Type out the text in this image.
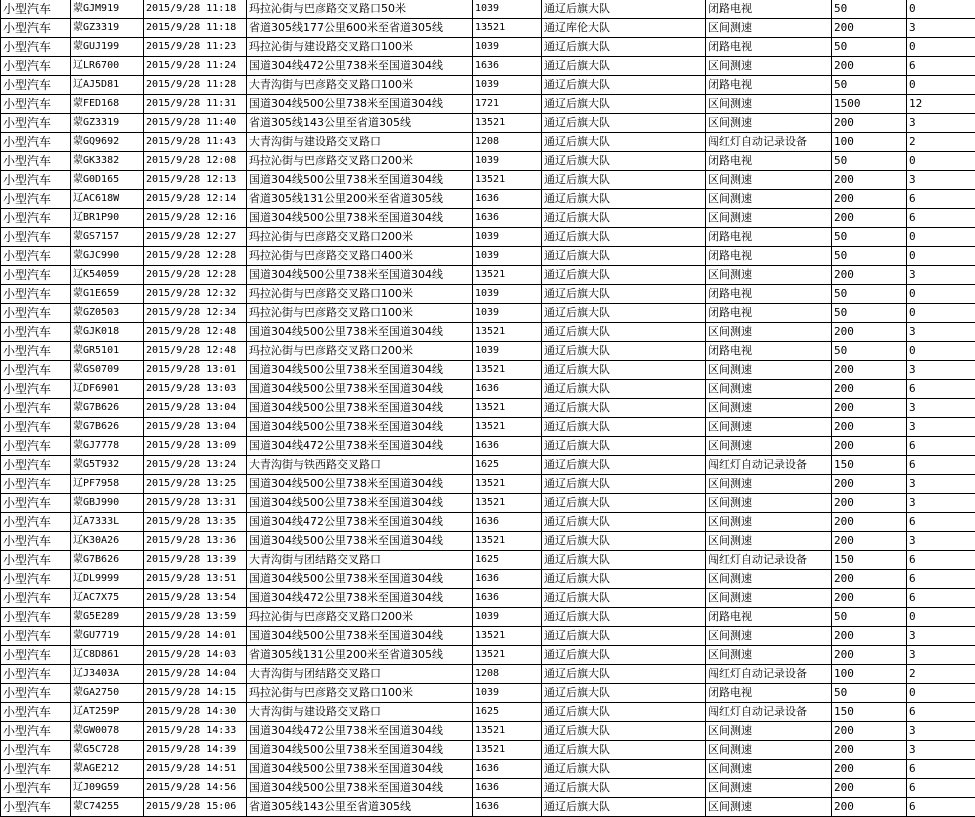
小型汽车	蒙GJM919	2015/9/28 11:18	玛拉沁街与巴彦路交叉路口50米	1039	通辽后旗大队	闭路电视	50	0
小型汽车	蒙GZ3319	2015/9/28 11:18	省道305线177公里600米至省道305线	13521	通辽库伦大队	区间测速	200	3
小型汽车	蒙GUJ199	2015/9/28 11:23	玛拉沁街与建设路交叉路口100米	1039	通辽后旗大队	闭路电视	50	0
小型汽车	辽LR6700	2015/9/28 11:24	国道304线472公里738米至国道304线	1636	通辽后旗大队	区间测速	200	6
小型汽车	辽AJ5D81	2015/9/28 11:28	大青沟街与巴彦路交叉路口100米	1039	通辽后旗大队	闭路电视	50	0
小型汽车	蒙FED168	2015/9/28 11:31	国道304线500公里738米至国道304线	1721	通辽后旗大队	区间测速	1500	12
小型汽车	蒙GZ3319	2015/9/28 11:40	省道305线143公里至省道305线	13521	通辽后旗大队	区间测速	200	3
小型汽车	蒙GQ9692	2015/9/28 11:43	大青沟街与建设路交叉路口	1208	通辽后旗大队	闯红灯自动记录设备	100	2
小型汽车	蒙GK3382	2015/9/28 12:08	玛拉沁街与巴彦路交叉路口200米	1039	通辽后旗大队	闭路电视	50	0
小型汽车	蒙G0D165	2015/9/28 12:13	国道304线500公里738米至国道304线	13521	通辽后旗大队	区间测速	200	3
小型汽车	辽AC618W	2015/9/28 12:14	省道305线131公里200米至省道305线	1636	通辽后旗大队	区间测速	200	6
小型汽车	辽BR1P90	2015/9/28 12:16	国道304线500公里738米至国道304线	1636	通辽后旗大队	区间测速	200	6
小型汽车	蒙GS7157	2015/9/28 12:27	玛拉沁街与巴彦路交叉路口200米	1039	通辽后旗大队	闭路电视	50	0
小型汽车	蒙GJC990	2015/9/28 12:28	玛拉沁街与巴彦路交叉路口400米	1039	通辽后旗大队	闭路电视	50	0
小型汽车	辽K54059	2015/9/28 12:28	国道304线500公里738米至国道304线	13521	通辽后旗大队	区间测速	200	3
小型汽车	蒙G1E659	2015/9/28 12:32	玛拉沁街与巴彦路交叉路口100米	1039	通辽后旗大队	闭路电视	50	0
小型汽车	蒙GZ0503	2015/9/28 12:34	玛拉沁街与巴彦路交叉路口100米	1039	通辽后旗大队	闭路电视	50	0
小型汽车	蒙GJK018	2015/9/28 12:48	国道304线500公里738米至国道304线	13521	通辽后旗大队	区间测速	200	3
小型汽车	蒙GR5101	2015/9/28 12:48	玛拉沁街与巴彦路交叉路口200米	1039	通辽后旗大队	闭路电视	50	0
小型汽车	蒙GS0709	2015/9/28 13:01	国道304线500公里738米至国道304线	13521	通辽后旗大队	区间测速	200	3
小型汽车	辽DF6901	2015/9/28 13:03	国道304线500公里738米至国道304线	1636	通辽后旗大队	区间测速	200	6
小型汽车	蒙G7B626	2015/9/28 13:04	国道304线500公里738米至国道304线	13521	通辽后旗大队	区间测速	200	3
小型汽车	蒙G7B626	2015/9/28 13:04	国道304线500公里738米至国道304线	13521	通辽后旗大队	区间测速	200	3
小型汽车	蒙GJ7778	2015/9/28 13:09	国道304线472公里738米至国道304线	1636	通辽后旗大队	区间测速	200	6
小型汽车	蒙G5T932	2015/9/28 13:24	大青沟街与铁西路交叉路口	1625	通辽后旗大队	闯红灯自动记录设备	150	6
小型汽车	辽PF7958	2015/9/28 13:25	国道304线500公里738米至国道304线	13521	通辽后旗大队	区间测速	200	3
小型汽车	蒙GBJ990	2015/9/28 13:31	国道304线500公里738米至国道304线	13521	通辽后旗大队	区间测速	200	3
小型汽车	辽A7333L	2015/9/28 13:35	国道304线472公里738米至国道304线	1636	通辽后旗大队	区间测速	200	6
小型汽车	辽K30A26	2015/9/28 13:36	国道304线500公里738米至国道304线	13521	通辽后旗大队	区间测速	200	3
小型汽车	蒙G7B626	2015/9/28 13:39	大青沟街与团结路交叉路口	1625	通辽后旗大队	闯红灯自动记录设备	150	6
小型汽车	辽DL9999	2015/9/28 13:51	国道304线500公里738米至国道304线	1636	通辽后旗大队	区间测速	200	6
小型汽车	辽AC7X75	2015/9/28 13:54	国道304线472公里738米至国道304线	1636	通辽后旗大队	区间测速	200	6
小型汽车	蒙G5E289	2015/9/28 13:59	玛拉沁街与巴彦路交叉路口200米	1039	通辽后旗大队	闭路电视	50	0
小型汽车	蒙GU7719	2015/9/28 14:01	国道304线500公里738米至国道304线	13521	通辽后旗大队	区间测速	200	3
小型汽车	辽C8D861	2015/9/28 14:03	省道305线131公里200米至省道305线	13521	通辽后旗大队	区间测速	200	3
小型汽车	辽J3403A	2015/9/28 14:04	大青沟街与团结路交叉路口	1208	通辽后旗大队	闯红灯自动记录设备	100	2
小型汽车	蒙GA2750	2015/9/28 14:15	玛拉沁街与巴彦路交叉路口100米	1039	通辽后旗大队	闭路电视	50	0
小型汽车	辽AT259P	2015/9/28 14:30	大青沟街与建设路交叉路口	1625	通辽后旗大队	闯红灯自动记录设备	150	6
小型汽车	蒙GW0078	2015/9/28 14:33	国道304线472公里738米至国道304线	13521	通辽后旗大队	区间测速	200	3
小型汽车	蒙G5C728	2015/9/28 14:39	国道304线500公里738米至国道304线	13521	通辽后旗大队	区间测速	200	3
小型汽车	蒙AGE212	2015/9/28 14:51	国道304线500公里738米至国道304线	1636	通辽后旗大队	区间测速	200	6
小型汽车	辽J09G59	2015/9/28 14:56	国道304线500公里738米至国道304线	1636	通辽后旗大队	区间测速	200	6
小型汽车	蒙C74255	2015/9/28 15:06	省道305线143公里至省道305线	1636	通辽后旗大队	区间测速	200	6
